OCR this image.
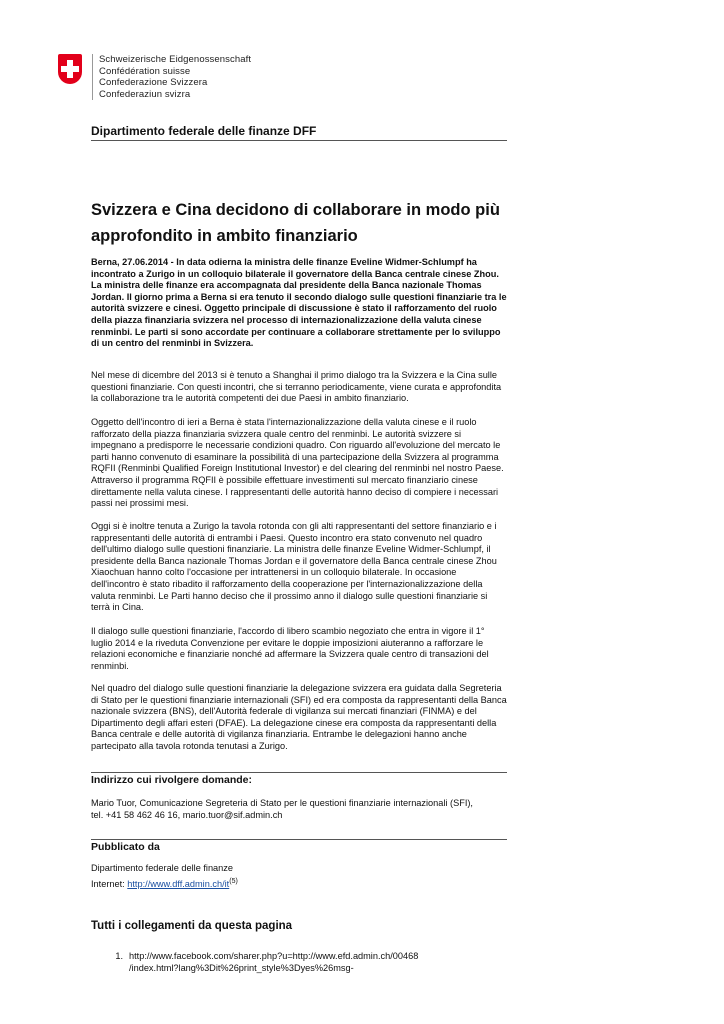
Schweizerische Eidgenossenschaft
Confédération suisse
Confederazione Svizzera
Confederaziun svizra
Dipartimento federale delle finanze DFF
Svizzera e Cina decidono di collaborare in modo più approfondito in ambito finanziario

Berna, 27.06.2014 - In data odierna la ministra delle finanze Eveline Widmer-Schlumpf ha incontrato a Zurigo in un colloquio bilaterale il governatore della Banca centrale cinese Zhou. La ministra delle finanze era accompagnata dal presidente della Banca nazionale Thomas Jordan. Il giorno prima a Berna si era tenuto il secondo dialogo sulle questioni finanziarie tra le autorità svizzere e cinesi. Oggetto principale di discussione è stato il rafforzamento del ruolo della piazza finanziaria svizzera nel processo di internazionalizzazione della valuta cinese renminbi. Le parti si sono accordate per continuare a collaborare strettamente per lo sviluppo di un centro del renminbi in Svizzera.

Nel mese di dicembre del 2013 si è tenuto a Shanghai il primo dialogo tra la Svizzera e la Cina sulle questioni finanziarie. Con questi incontri, che si terranno periodicamente, viene curata e approfondita la collaborazione tra le autorità competenti dei due Paesi in ambito finanziario.

Oggetto dell'incontro di ieri a Berna è stata l'internazionalizzazione della valuta cinese e il ruolo rafforzato della piazza finanziaria svizzera quale centro del renminbi. Le autorità svizzere si impegnano a predisporre le necessarie condizioni quadro. Con riguardo all'evoluzione del mercato le parti hanno convenuto di esaminare la possibilità di una partecipazione della Svizzera al programma RQFII (Renminbi Qualified Foreign Institutional Investor) e del clearing del renminbi nel nostro Paese. Attraverso il programma RQFII è possibile effettuare investimenti sul mercato finanziario cinese direttamente nella valuta cinese. I rappresentanti delle autorità hanno deciso di compiere i necessari passi nei prossimi mesi.

Oggi si è inoltre tenuta a Zurigo la tavola rotonda con gli alti rappresentanti del settore finanziario e i rappresentanti delle autorità di entrambi i Paesi. Questo incontro era stato convenuto nel quadro dell'ultimo dialogo sulle questioni finanziarie. La ministra delle finanze Eveline Widmer-Schlumpf, il presidente della Banca nazionale Thomas Jordan e il governatore della Banca centrale cinese Zhou Xiaochuan hanno colto l'occasione per intrattenersi in un colloquio bilaterale. In occasione dell'incontro è stato ribadito il rafforzamento della cooperazione per l'internazionalizzazione della valuta renminbi. Le Parti hanno deciso che il prossimo anno il dialogo sulle questioni finanziarie si terrà in Cina.

Il dialogo sulle questioni finanziarie, l'accordo di libero scambio negoziato che entra in vigore il 1° luglio 2014 e la riveduta Convenzione per evitare le doppie imposizioni aiuteranno a rafforzare le relazioni economiche e finanziarie nonché ad affermare la Svizzera quale centro di transazioni del renminbi.

Nel quadro del dialogo sulle questioni finanziarie la delegazione svizzera era guidata dalla Segreteria di Stato per le questioni finanziarie internazionali (SFI) ed era composta da rappresentanti della Banca nazionale svizzera (BNS), dell'Autorità federale di vigilanza sui mercati finanziari (FINMA) e del Dipartimento degli affari esteri (DFAE). La delegazione cinese era composta da rappresentanti della Banca centrale e delle autorità di vigilanza finanziaria. Entrambe le delegazioni hanno anche partecipato alla tavola rotonda tenutasi a Zurigo.

Indirizzo cui rivolgere domande:

Mario Tuor, Comunicazione Segreteria di Stato per le questioni finanziarie internazionali (SFI),
tel. +41 58 462 46 16, mario.tuor@sif.admin.ch

Pubblicato da
Dipartimento federale delle finanze
Internet: $http://www.dff.admin.ch/it^{(5)}$
Tutti i collegamenti da questa pagina
1. http://www.facebook.com/sharer.php?u=http://www.efd.admin.ch/00468
/index.html?lang%3Dit%26print_style%3Dyes%26msg-
